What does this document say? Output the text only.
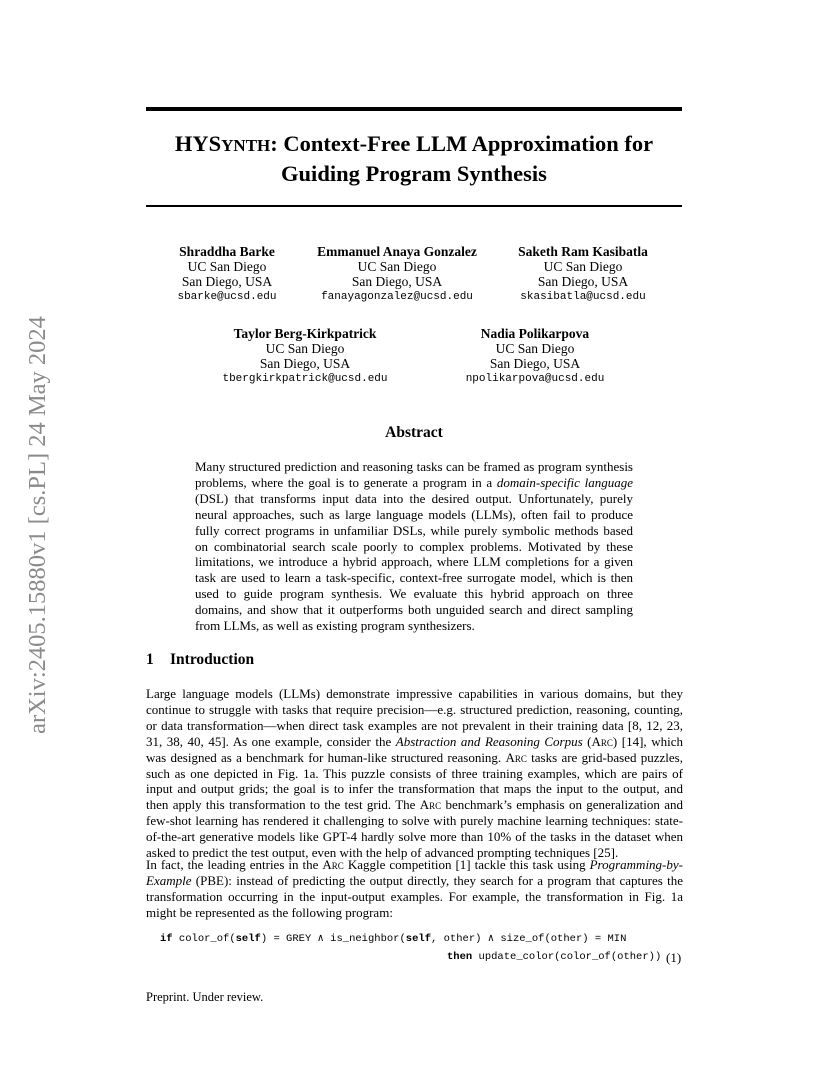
arXiv:2405.15880v1 [cs.PL] 24 May 2024
HYSYNTH: Context-Free LLM Approximation for
Guiding Program Synthesis
Shraddha Barke
UC San Diego
San Diego, USA
sbarke@ucsd.edu
Emmanuel Anaya Gonzalez
UC San Diego
San Diego, USA
fanayagonzalez@ucsd.edu
Saketh Ram Kasibatla
UC San Diego
San Diego, USA
skasibatla@ucsd.edu
Taylor Berg-Kirkpatrick
UC San Diego
San Diego, USA
tbergkirkpatrick@ucsd.edu
Nadia Polikarpova
UC San Diego
San Diego, USA
npolikarpova@ucsd.edu
Abstract
Many structured prediction and reasoning tasks can be framed as program synthesis problems, where the goal is to generate a program in a domain-specific language (DSL) that transforms input data into the desired output. Unfortunately, purely neural approaches, such as large language models (LLMs), often fail to produce fully correct programs in unfamiliar DSLs, while purely symbolic methods based on combinatorial search scale poorly to complex problems. Motivated by these limitations, we introduce a hybrid approach, where LLM completions for a given task are used to learn a task-specific, context-free surrogate model, which is then used to guide program synthesis. We evaluate this hybrid approach on three domains, and show that it outperforms both unguided search and direct sampling from LLMs, as well as existing program synthesizers.
1 Introduction
Large language models (LLMs) demonstrate impressive capabilities in various domains, but they continue to struggle with tasks that require precision—e.g. structured prediction, reasoning, counting, or data transformation—when direct task examples are not prevalent in their training data [8, 12, 23, 31, 38, 40, 45]. As one example, consider the Abstraction and Reasoning Corpus (Arc) [14], which was designed as a benchmark for human-like structured reasoning. Arc tasks are grid-based puzzles, such as one depicted in Fig. 1a. This puzzle consists of three training examples, which are pairs of input and output grids; the goal is to infer the transformation that maps the input to the output, and then apply this transformation to the test grid. The Arc benchmark’s emphasis on generalization and few-shot learning has rendered it challenging to solve with purely machine learning techniques: state-of-the-art generative models like GPT-4 hardly solve more than 10% of the tasks in the dataset when asked to predict the test output, even with the help of advanced prompting techniques [25].
In fact, the leading entries in the Arc Kaggle competition [1] tackle this task using Programming-by-Example (PBE): instead of predicting the output directly, they search for a program that captures the transformation occurring in the input-output examples. For example, the transformation in Fig. 1a might be represented as the following program:
if color_of(self) = GREY ∧ is_neighbor(self, other) ∧ size_of(other) = MIN
then update_color(color_of(other)) (1)
Preprint. Under review.
